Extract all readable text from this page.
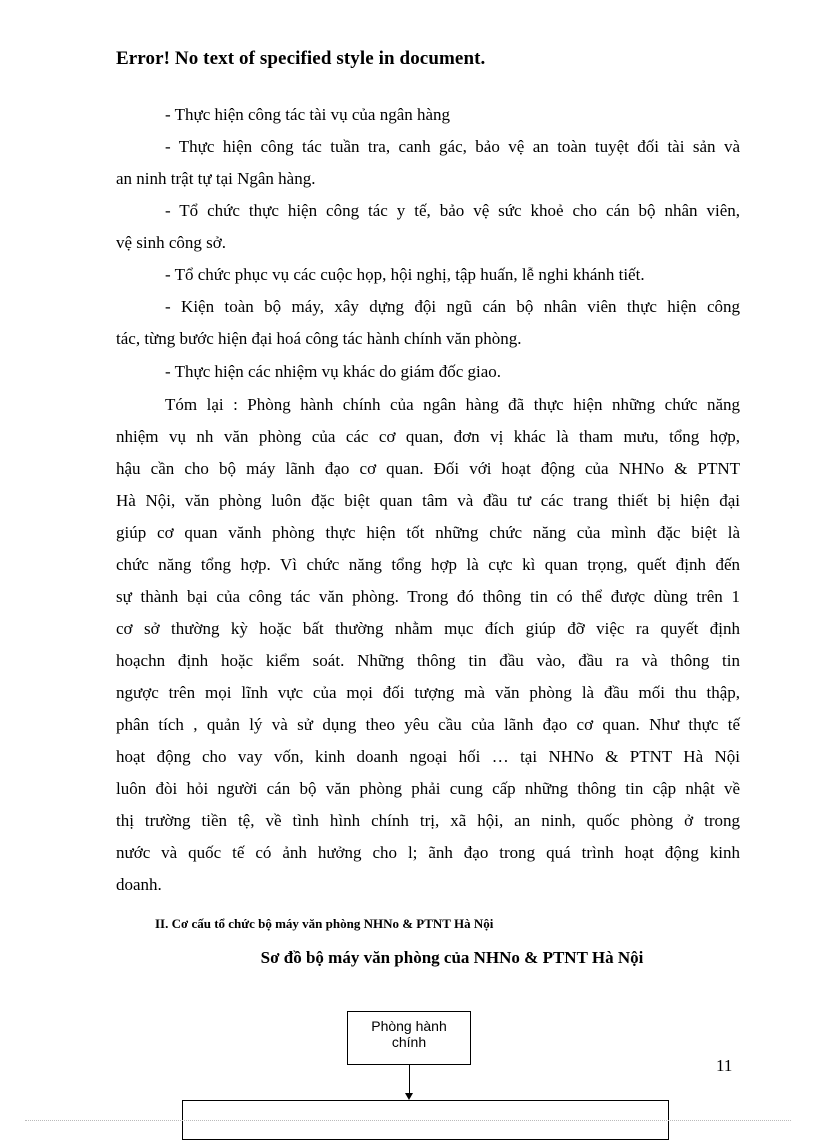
Error! No text of specified style in document.
- Thực hiện công tác tài vụ của ngân hàng
- Thực hiện công tác tuần tra, canh gác, bảo vệ an toàn tuyệt đối tài sản và
an ninh trật tự tại Ngân hàng.
- Tổ chức thực hiện công tác y tế, bảo vệ sức khoẻ cho cán bộ nhân viên,
vệ sinh công sở.
- Tổ chức phục vụ các cuộc họp, hội nghị, tập huấn, lễ nghi khánh tiết.
- Kiện toàn bộ máy, xây dựng đội ngũ cán bộ nhân viên thực hiện công
tác, từng bước hiện đại hoá công tác hành chính văn phòng.
- Thực hiện các nhiệm vụ khác do giám đốc giao.
Tóm lại : Phòng hành chính của ngân hàng đã thực hiện những chức năng
nhiệm vụ nh văn phòng của các cơ quan, đơn vị khác là tham mưu, tổng hợp,
hậu cần cho bộ máy lãnh đạo cơ quan. Đối với hoạt động của NHNo & PTNT
Hà Nội, văn phòng luôn đặc biệt quan tâm và đầu tư các trang thiết bị hiện đại
giúp cơ quan vănh phòng thực hiện tốt những chức năng của mình đặc biệt là
chức năng tổng hợp. Vì chức năng tổng hợp là cực kì quan trọng, quết định đến
sự thành bại của công tác văn phòng. Trong đó thông tin có thể được dùng trên 1
cơ sở thường kỳ hoặc bất thường nhằm mục đích giúp đỡ việc ra quyết định
hoạchn định hoặc kiểm soát. Những thông tin đầu vào, đầu ra và thông tin
ngược trên mọi lĩnh vực của mọi đối tượng mà văn phòng là đầu mối thu thập,
phân tích , quản lý và sử dụng theo yêu cầu của lãnh đạo cơ quan. Như thực tế
hoạt động cho vay vốn, kinh doanh ngoại hối … tại NHNo & PTNT Hà Nội
luôn đòi hỏi người cán bộ văn phòng phải cung cấp những thông tin cập nhật về
thị trường tiền tệ, về tình hình chính trị, xã hội, an ninh, quốc phòng ở trong
nước và quốc tế có ảnh hưởng cho l; ãnh đạo trong quá trình hoạt động kinh
doanh.
II. Cơ cấu tổ chức bộ máy văn phòng NHNo & PTNT Hà Nội
Sơ đồ bộ máy văn phòng của NHNo & PTNT Hà Nội
Phòng hành
chính
11
